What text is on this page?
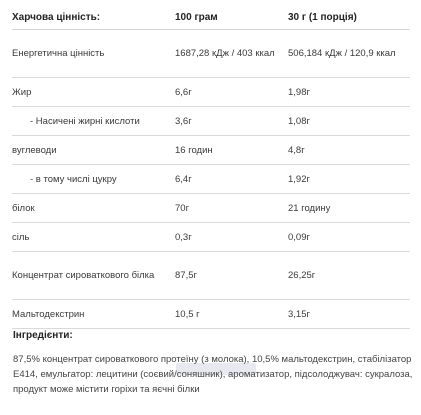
Харчова цінність:	100 грам	30 г (1 порція)
Енергетична цінність	1687,28 кДж / 403 ккал	506,184 кДж / 120,9 ккал
Жир	6,6г	1,98г
- Насичені жирні кислоти	3,6г	1,08г
вуглеводи	16 годин	4,8г
- в тому числі цукру	6,4г	1,92г
білок	70г	21 годину
сіль	0,3г	0,09г
Концентрат сироваткового білка	87,5г	26,25г
Мальтодекстрин	10,5 г	3,15г
Інгредієнти:
87,5% концентрат сироваткового протеїну (з молока), 10,5% мальтодекстрин, стабілізатор Е414, емульгатор: лецитини (соєвий/соняшник), ароматизатор, підсолоджувач: сукралоза, продукт може містити горіхи та яєчні білки
